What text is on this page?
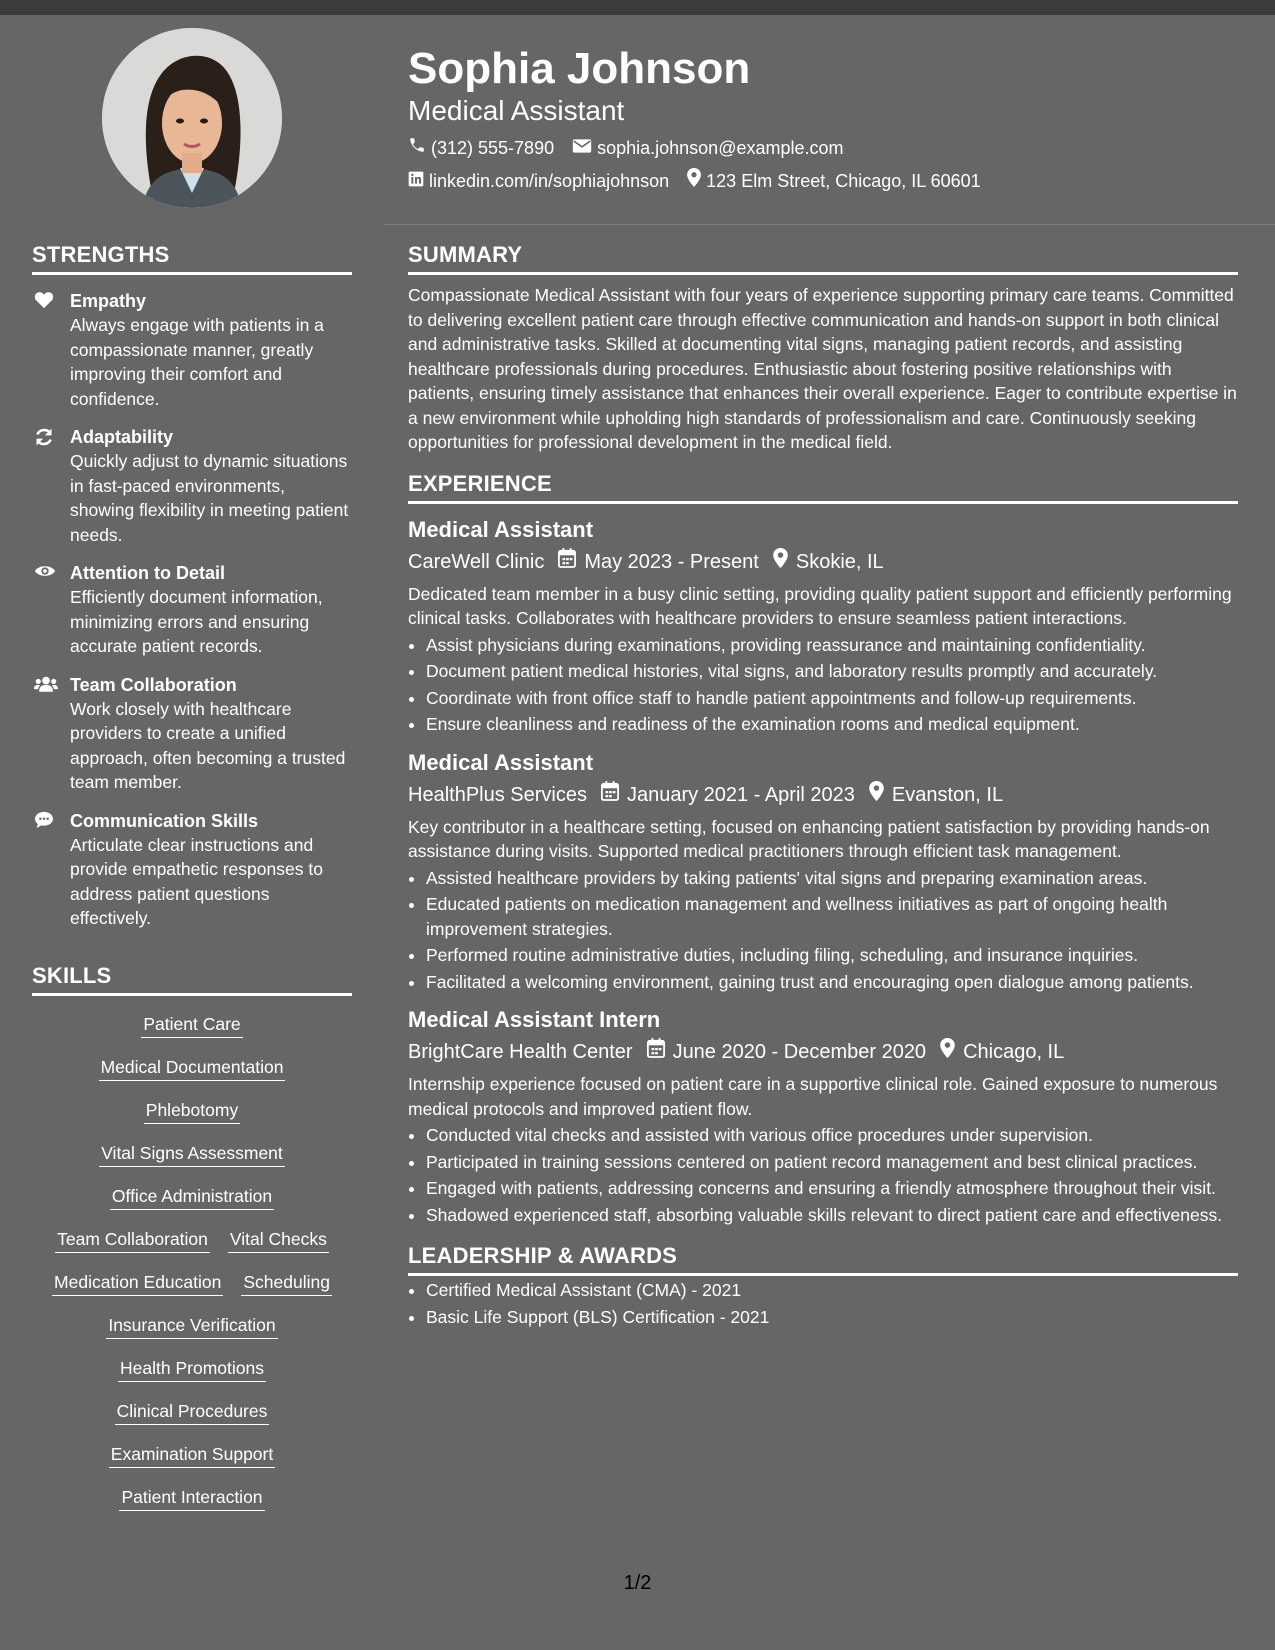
STRENGTHS
Empathy
Always engage with patients in a compassionate manner, greatly improving their comfort and confidence.
Adaptability
Quickly adjust to dynamic situations in fast-paced environments, showing flexibility in meeting patient needs.
Attention to Detail
Efficiently document information, minimizing errors and ensuring accurate patient records.
Team Collaboration
Work closely with healthcare providers to create a unified approach, often becoming a trusted team member.
Communication Skills
Articulate clear instructions and provide empathetic responses to address patient questions effectively.
SKILLS
Patient Care
Medical Documentation
Phlebotomy
Vital Signs Assessment
Office Administration
Team Collaboration Vital Checks
Medication Education Scheduling
Insurance Verification
Health Promotions
Clinical Procedures
Examination Support
Patient Interaction
Sophia Johnson
Medical Assistant
(312) 555-7890 sophia.johnson@example.com
linkedin.com/in/sophiajohnson 123 Elm Street, Chicago, IL 60601
SUMMARY

Compassionate Medical Assistant with four years of experience supporting primary care teams. Committed to delivering excellent patient care through effective communication and hands-on support in both clinical and administrative tasks. Skilled at documenting vital signs, managing patient records, and assisting healthcare professionals during procedures. Enthusiastic about fostering positive relationships with patients, ensuring timely assistance that enhances their overall experience. Eager to contribute expertise in a new environment while upholding high standards of professionalism and care. Continuously seeking opportunities for professional development in the medical field.

EXPERIENCE
Medical Assistant
CareWell Clinic May 2023 - Present Skokie, IL
Dedicated team member in a busy clinic setting, providing quality patient support and efficiently performing clinical tasks. Collaborates with healthcare providers to ensure seamless patient interactions.
• Assist physicians during examinations, providing reassurance and maintaining confidentiality.
• Document patient medical histories, vital signs, and laboratory results promptly and accurately.
• Coordinate with front office staff to handle patient appointments and follow-up requirements.
• Ensure cleanliness and readiness of the examination rooms and medical equipment.
Medical Assistant
HealthPlus Services January 2021 - April 2023 Evanston, IL
Key contributor in a healthcare setting, focused on enhancing patient satisfaction by providing hands-on assistance during visits. Supported medical practitioners through efficient task management.
• Assisted healthcare providers by taking patients' vital signs and preparing examination areas.
• Educated patients on medication management and wellness initiatives as part of ongoing health improvement strategies.
• Performed routine administrative duties, including filing, scheduling, and insurance inquiries.
• Facilitated a welcoming environment, gaining trust and encouraging open dialogue among patients.
Medical Assistant Intern
BrightCare Health Center June 2020 - December 2020 Chicago, IL
Internship experience focused on patient care in a supportive clinical role. Gained exposure to numerous medical protocols and improved patient flow.
• Conducted vital checks and assisted with various office procedures under supervision.
• Participated in training sessions centered on patient record management and best clinical practices.
• Engaged with patients, addressing concerns and ensuring a friendly atmosphere throughout their visit.
• Shadowed experienced staff, absorbing valuable skills relevant to direct patient care and effectiveness.
LEADERSHIP & AWARDS
• Certified Medical Assistant (CMA) - 2021
• Basic Life Support (BLS) Certification - 2021
1/2
